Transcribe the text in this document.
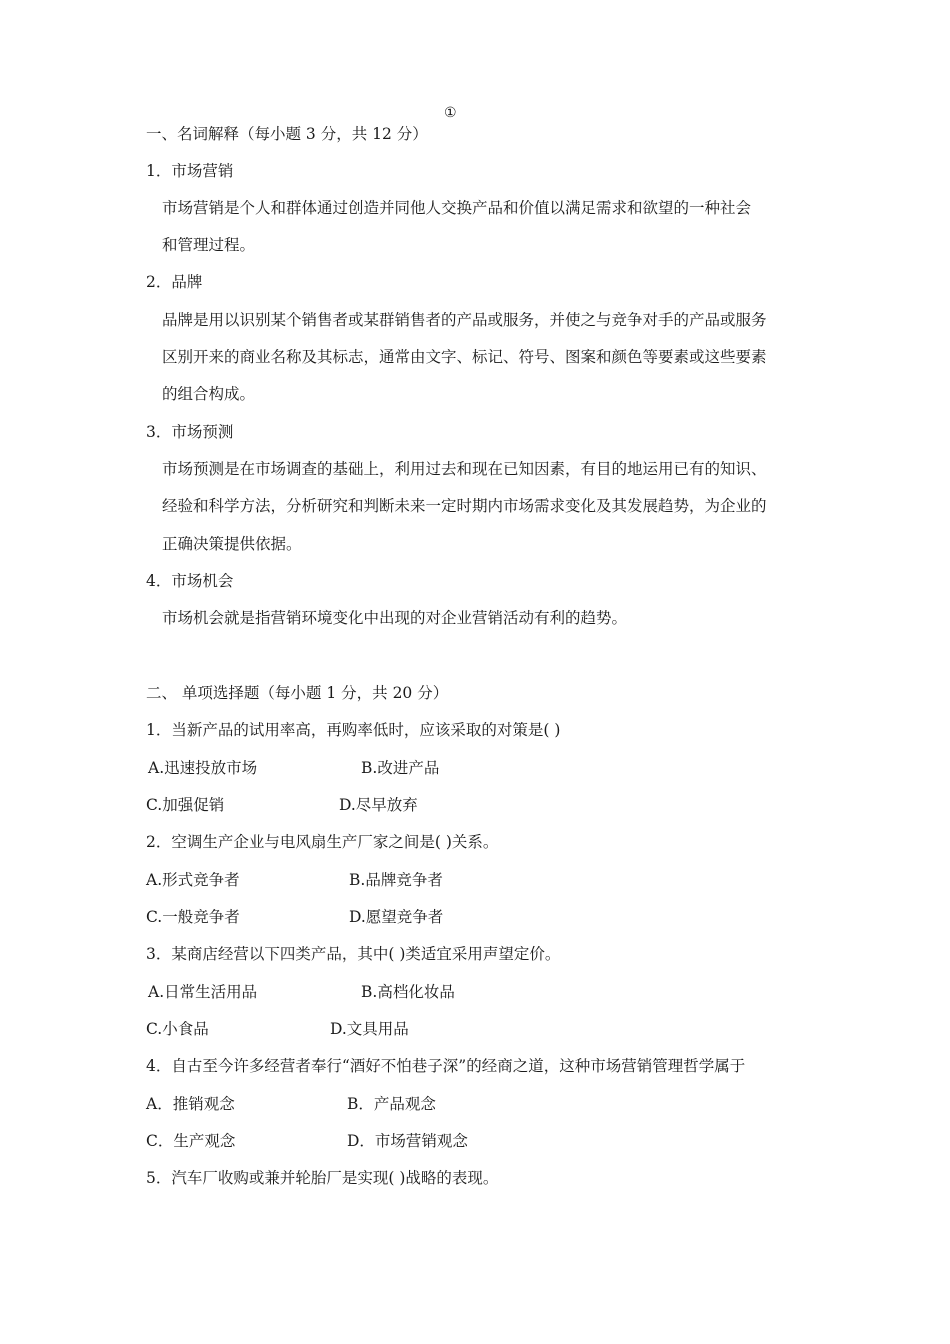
①
一、名词解释（每小题 3 分，共 12 分）
1．市场营销
市场营销是个人和群体通过创造并同他人交换产品和价值以满足需求和欲望的一种社会
和管理过程。
2．品牌
品牌是用以识别某个销售者或某群销售者的产品或服务，并使之与竞争对手的产品或服务
区别开来的商业名称及其标志，通常由文字、标记、符号、图案和颜色等要素或这些要素
的组合构成。
3．市场预测
市场预测是在市场调查的基础上，利用过去和现在已知因素，有目的地运用已有的知识、
经验和科学方法，分析研究和判断未来一定时期内市场需求变化及其发展趋势，为企业的
正确决策提供依据。
4．市场机会
市场机会就是指营销环境变化中出现的对企业营销活动有利的趋势。
二、 单项选择题（每小题 1 分，共 20 分）
1．当新产品的试用率高，再购率低时，应该采取的对策是( )
A.迅速投放市场	B.改进产品
C.加强促销	D.尽早放弃
2．空调生产企业与电风扇生产厂家之间是( )关系。
A.形式竞争者	B.品牌竞争者
C.一般竞争者	D.愿望竞争者
3．某商店经营以下四类产品，其中( )类适宜采用声望定价。
A.日常生活用品	B.高档化妆品
C.小食品	D.文具用品
4．自古至今许多经营者奉行“酒好不怕巷子深”的经商之道，这种市场营销管理哲学属于
A．推销观念	B．产品观念
C．生产观念	D．市场营销观念
5．汽车厂收购或兼并轮胎厂是实现( )战略的表现。
